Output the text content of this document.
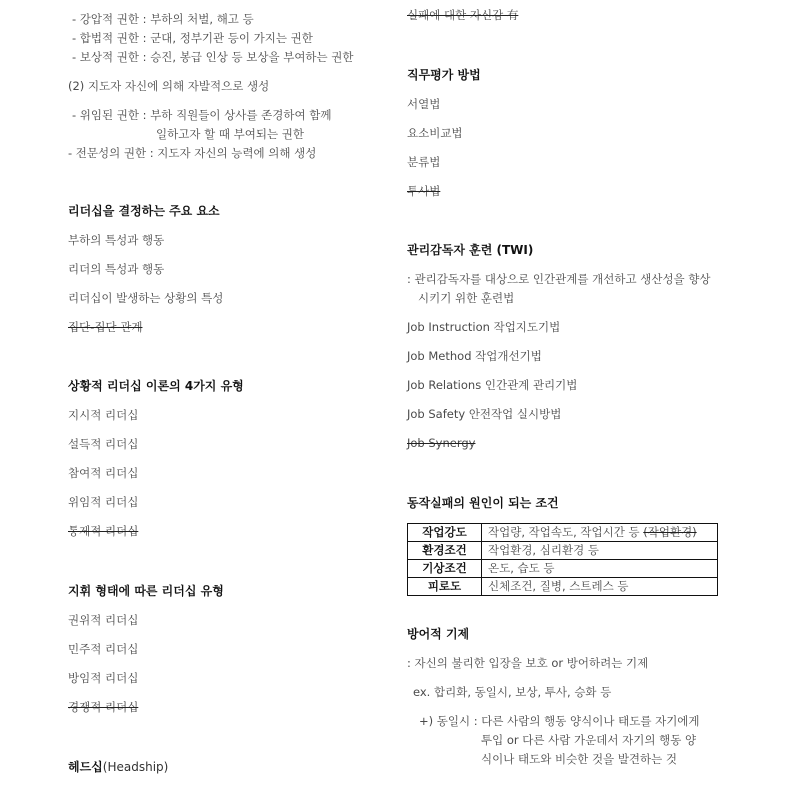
- 강압적 권한 : 부하의 처벌, 해고 등
- 합법적 권한 : 군대, 정부기관 등이 가지는 권한
- 보상적 권한 : 승진, 봉급 인상 등 보상을 부여하는 권한
(2) 지도자 자신에 의해 자발적으로 생성
- 위임된 권한 : 부하 직원들이 상사를 존경하여 함께
일하고자 할 때 부여되는 권한
- 전문성의 권한 : 지도자 자신의 능력에 의해 생성
리더십을 결정하는 주요 요소
부하의 특성과 행동
리더의 특성과 행동
리더십이 발생하는 상황의 특성
집단-집단 관계
상황적 리더십 이론의 4가지 유형
지시적 리더십
설득적 리더십
참여적 리더십
위임적 리더십
통제적 리더십
지휘 형태에 따른 리더십 유형
권위적 리더십
민주적 리더십
방임적 리더십
경쟁적 리더십
헤드십(Headship)
실패에 대한 자신감 有
직무평가 방법
서열법
요소비교법
분류법
투사법
관리감독자 훈련 (TWI)
: 관리감독자를 대상으로 인간관계를 개선하고 생산성을 향상
시키기 위한 훈련법
Job Instruction 작업지도기법
Job Method 작업개선기법
Job Relations 인간관계 관리기법
Job Safety 안전작업 실시방법
Job Synergy
동작실패의 원인이 되는 조건
작업강도	작업량, 작업속도, 작업시간 등 (작업환경)
환경조건	작업환경, 심리환경 등
기상조건	온도, 습도 등
피로도	신체조건, 질병, 스트레스 등
방어적 기제
: 자신의 불리한 입장을 보호 or 방어하려는 기제
ex. 합리화, 동일시, 보상, 투사, 승화 등
+) 동일시 : 다른 사람의 행동 양식이나 태도를 자기에게
투입 or 다른 사람 가운데서 자기의 행동 양
식이나 태도와 비슷한 것을 발견하는 것
